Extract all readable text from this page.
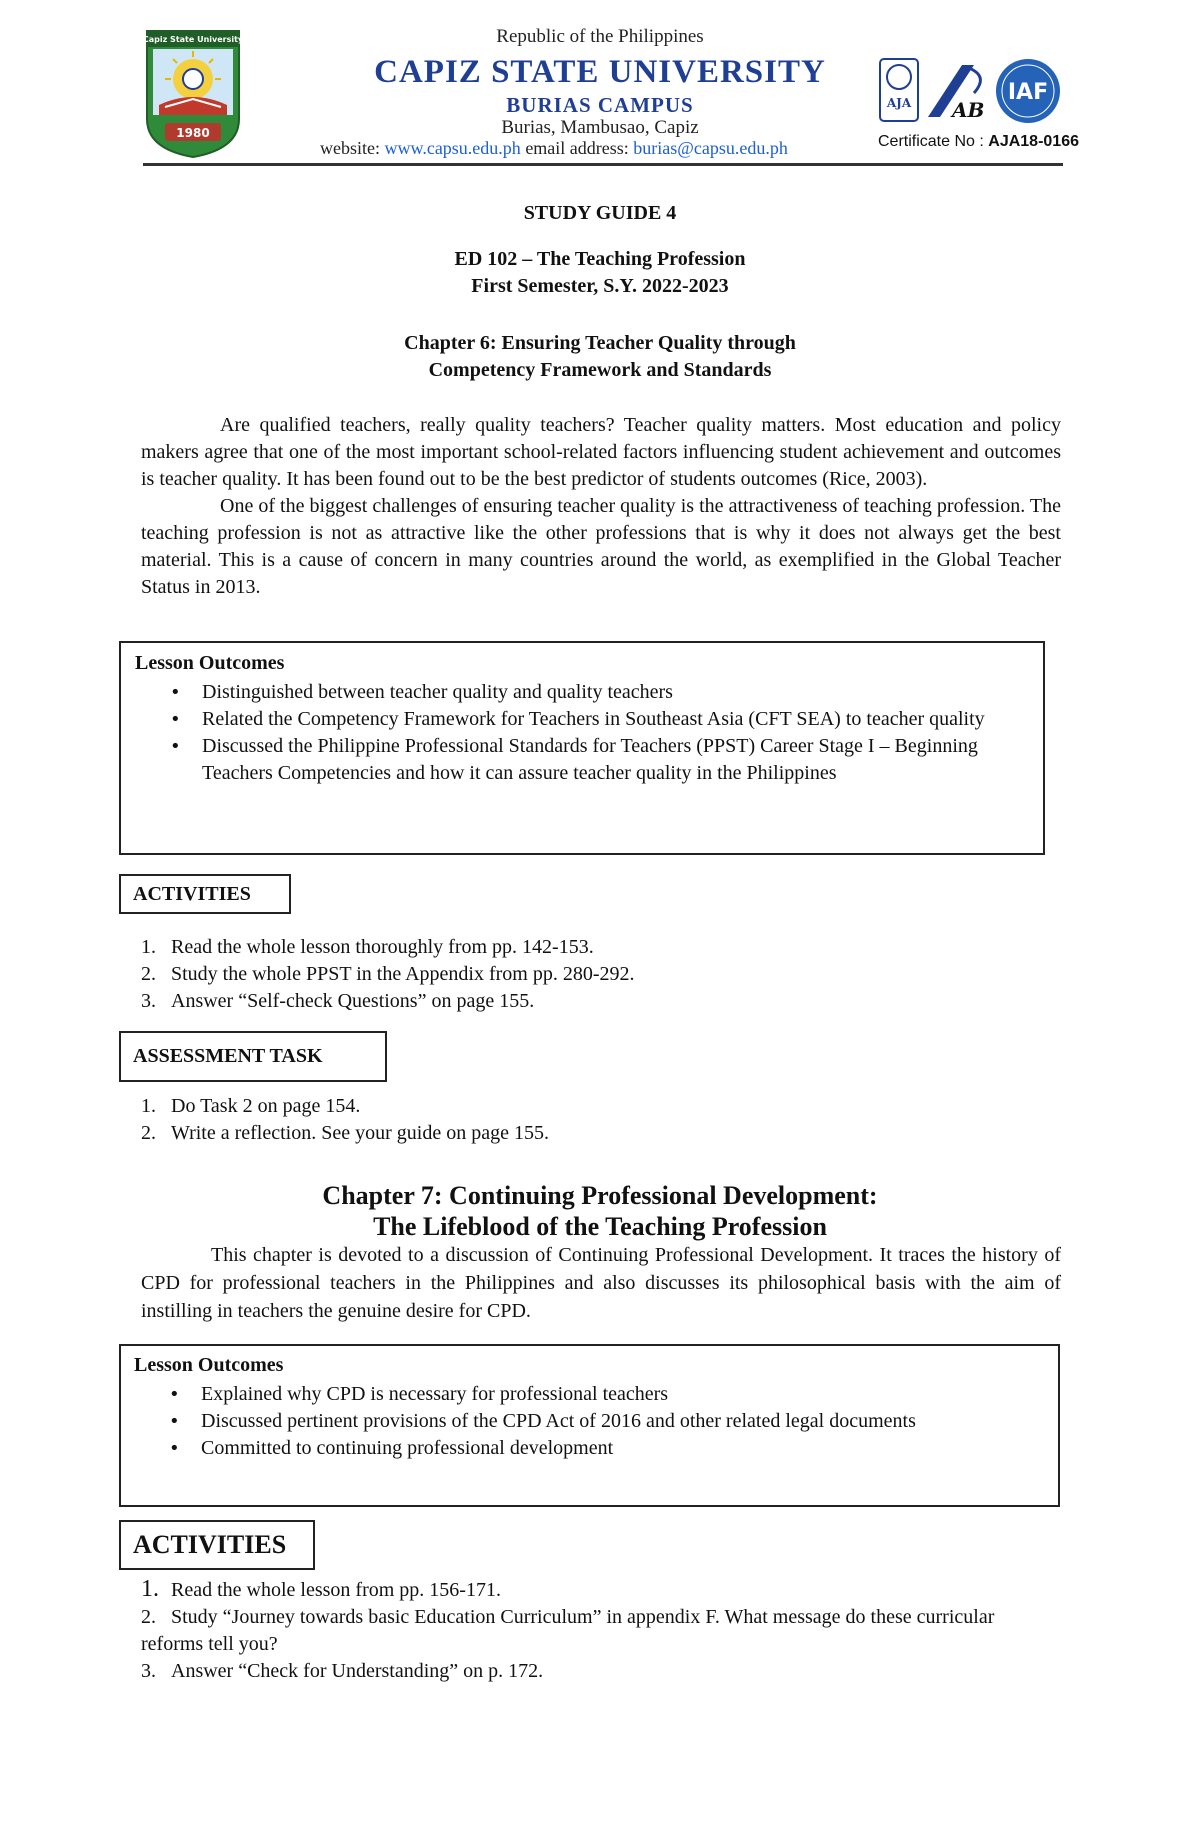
Capiz State University
1980
Republic of the Philippines
CAPIZ STATE UNIVERSITY
BURIAS CAMPUS
Burias, Mambusao, Capiz
website: www.capsu.edu.ph email address: burias@capsu.edu.ph
AJA AB
IAF
Certificate No : AJA18-0166
STUDY GUIDE 4
ED 102 – The Teaching Profession
First Semester, S.Y. 2022-2023
Chapter 6: Ensuring Teacher Quality through
Competency Framework and Standards

Are qualified teachers, really quality teachers? Teacher quality matters. Most education and policy makers agree that one of the most important school-related factors influencing student achievement and outcomes is teacher quality. It has been found out to be the best predictor of students outcomes (Rice, 2003).

One of the biggest challenges of ensuring teacher quality is the attractiveness of teaching profession. The teaching profession is not as attractive like the other professions that is why it does not always get the best material. This is a cause of concern in many countries around the world, as exemplified in the Global Teacher Status in 2013.

Lesson Outcomes
• Distinguished between teacher quality and quality teachers
• Related the Competency Framework for Teachers in Southeast Asia (CFT SEA) to teacher quality
• Discussed the Philippine Professional Standards for Teachers (PPST) Career Stage I – Beginning Teachers Competencies and how it can assure teacher quality in the Philippines
ACTIVITIES
1. Read the whole lesson thoroughly from pp. 142-153.
2. Study the whole PPST in the Appendix from pp. 280-292.
3. Answer “Self-check Questions” on page 155.
ASSESSMENT TASK
1. Do Task 2 on page 154.
2. Write a reflection. See your guide on page 155.
Chapter 7: Continuing Professional Development:
The Lifeblood of the Teaching Profession

This chapter is devoted to a discussion of Continuing Professional Development. It traces the history of CPD for professional teachers in the Philippines and also discusses its philosophical basis with the aim of instilling in teachers the genuine desire for CPD.

Lesson Outcomes
• Explained why CPD is necessary for professional teachers
• Discussed pertinent provisions of the CPD Act of 2016 and other related legal documents
• Committed to continuing professional development
ACTIVITIES
1. Read the whole lesson from pp. 156-171.
2. Study “Journey towards basic Education Curriculum” in appendix F. What message do these curricular reforms tell you?
3. Answer “Check for Understanding” on p. 172.
